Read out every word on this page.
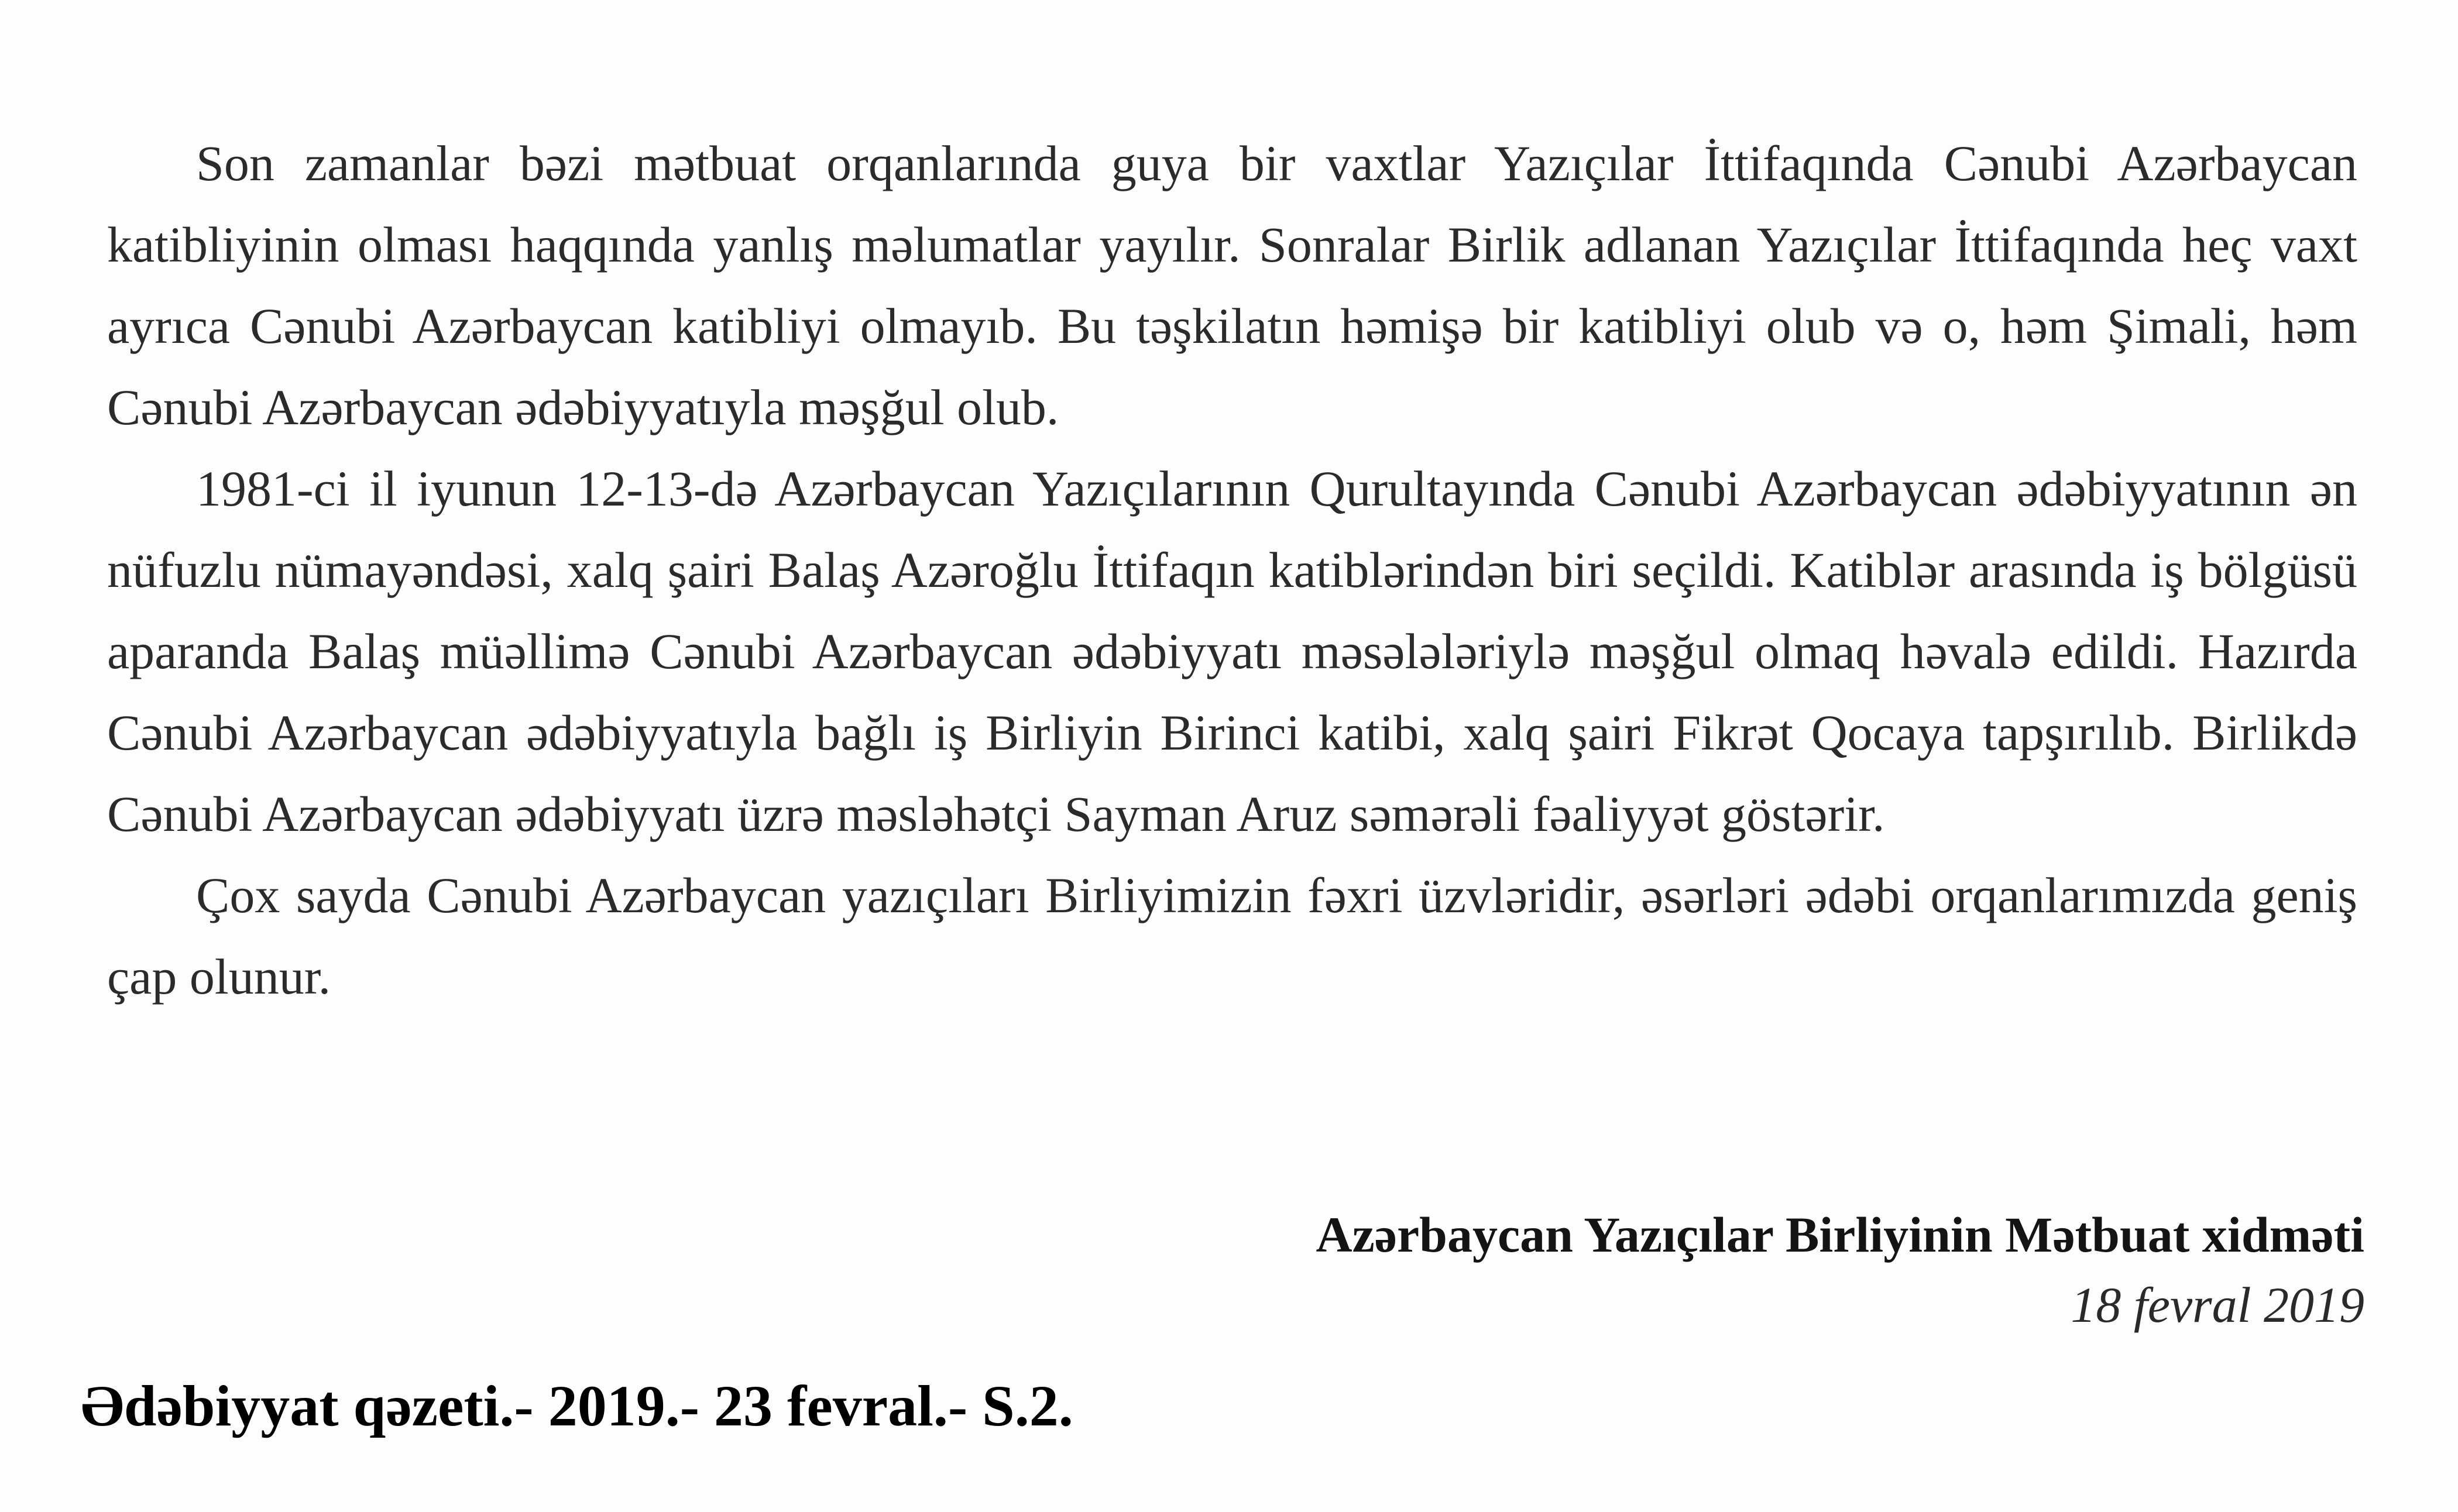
Son zamanlar bəzi mətbuat orqanlarında guya bir vaxtlar Yazıçılar İttifaqında Cənubi Azərbaycan katibliyinin olması haqqında yanlış məlumatlar yayılır. Sonralar Birlik adlanan Yazıçılar İttifaqında heç vaxt ayrıca Cənubi Azərbaycan katibliyi olmayıb. Bu təşkilatın həmişə bir katibliyi olub və o, həm Şimali, həm Cənubi Azərbaycan ədəbiyyatıyla məşğul olub.

1981-ci il iyunun 12-13-də Azərbaycan Yazıçılarının Qurultayında Cənubi Azərbaycan ədəbiyyatının ən nüfuzlu nümayəndəsi, xalq şairi Balaş Azəroğlu İttifaqın katiblərindən biri seçildi. Katiblər arasında iş bölgüsü aparanda Balaş müəllimə Cənubi Azərbaycan ədəbiyyatı məsələləriylə məşğul olmaq həvalə edildi. Hazırda Cənubi Azərbaycan ədəbiyyatıyla bağlı iş Birliyin Birinci katibi, xalq şairi Fikrət Qocaya tapşırılıb. Birlikdə Cənubi Azərbaycan ədəbiyyatı üzrə məsləhətçi Sayman Aruz səmərəli fəaliyyət göstərir.

Çox sayda Cənubi Azərbaycan yazıçıları Birliyimizin fəxri üzvləridir, əsərləri ədəbi orqanlarımızda geniş çap olunur.

Azərbaycan Yazıçılar Birliyinin Mətbuat xidməti
18 fevral 2019
Ədəbiyyat qəzeti.- 2019.- 23 fevral.- S.2.
